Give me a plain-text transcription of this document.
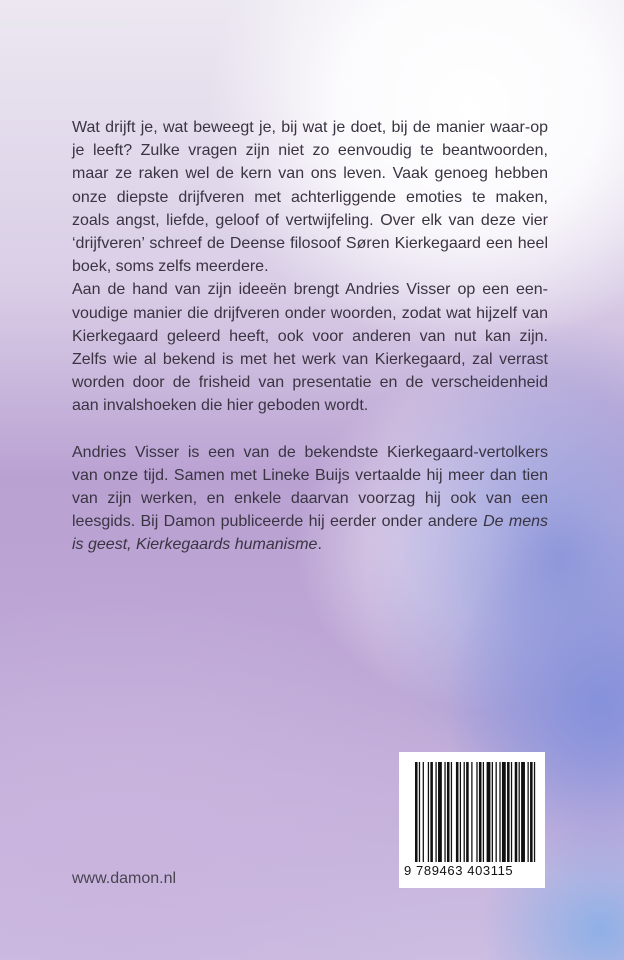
Wat drijft je, wat beweegt je, bij wat je doet, bij de manier waar-op je leeft? Zulke vragen zijn niet zo eenvoudig te beantwoorden, maar ze raken wel de kern van ons leven. Vaak genoeg hebben onze diepste drijfveren met achterliggende emoties te maken, zoals angst, liefde, geloof of vertwijfeling. Over elk van deze vier ‘drijfveren’ schreef de Deense filosoof Søren Kierkegaard een heel boek, soms zelfs meerdere.
Aan de hand van zijn ideeën brengt Andries Visser op een een-voudige manier die drijfveren onder woorden, zodat wat hijzelf van Kierkegaard geleerd heeft, ook voor anderen van nut kan zijn. Zelfs wie al bekend is met het werk van Kierkegaard, zal verrast worden door de frisheid van presentatie en de verscheidenheid aan invalshoeken die hier geboden wordt.
Andries Visser is een van de bekendste Kierkegaard-vertolkers van onze tijd. Samen met Lineke Buijs vertaalde hij meer dan tien van zijn werken, en enkele daarvan voorzag hij ook van een leesgids. Bij Damon publiceerde hij eerder onder andere De mens is geest, Kierkegaards humanisme.
9 789463 403115
www.damon.nl
